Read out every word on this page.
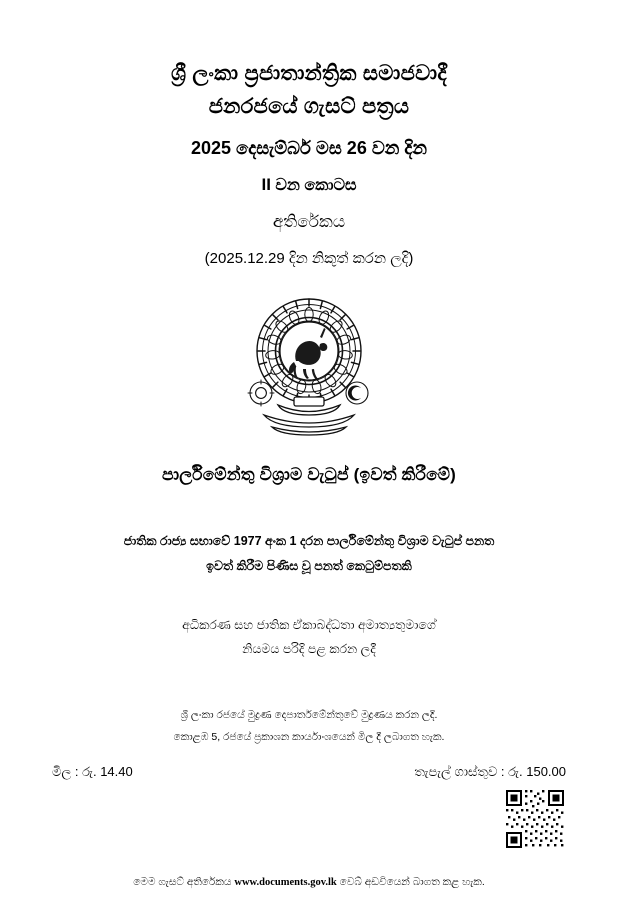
ශ්‍රී ලංකා ප්‍රජාතාන්ත්‍රික සමාජවාදී
ජනරජයේ ගැසට් පත්‍රය
2025 දෙසැම්බර් මස 26 වන දින
II වන කොටස
අතිරේකය
(2025.12.29 දින නිකුත් කරන ලදි)
පාර්ලිමේන්තු විශ්‍රාම වැටුප් (ඉවත් කිරීමේ)
ජාතික රාජ්‍ය සභාවේ 1977 අංක 1 දරන පාර්ලිමේන්තු විශ්‍රාම වැටුප් පනත
ඉවත් කිරීම පිණිස වූ පනත් කෙටුම්පතකි
අධිකරණ සහ ජාතික ඒකාබද්ධතා අමාත්‍යතුමාගේ
නියමය පරිදි පළ කරන ලදී
ශ්‍රී ලංකා රජයේ මුද්‍රණ දෙපාර්තමේන්තුවේ මුද්‍රණය කරන ලදි.
කොළඹ 5, රජයේ ප්‍රකාශන කාර්යාංශයෙන් මිල දී ලබාගත හැක.
මිල : රු. 14.40	තැපැල් ගාස්තුව : රු. 150.00
මෙම ගැසට් අතිරේකය www.documents.gov.lk වෙබ් අඩවියෙන් බාගත කළ හැක.
